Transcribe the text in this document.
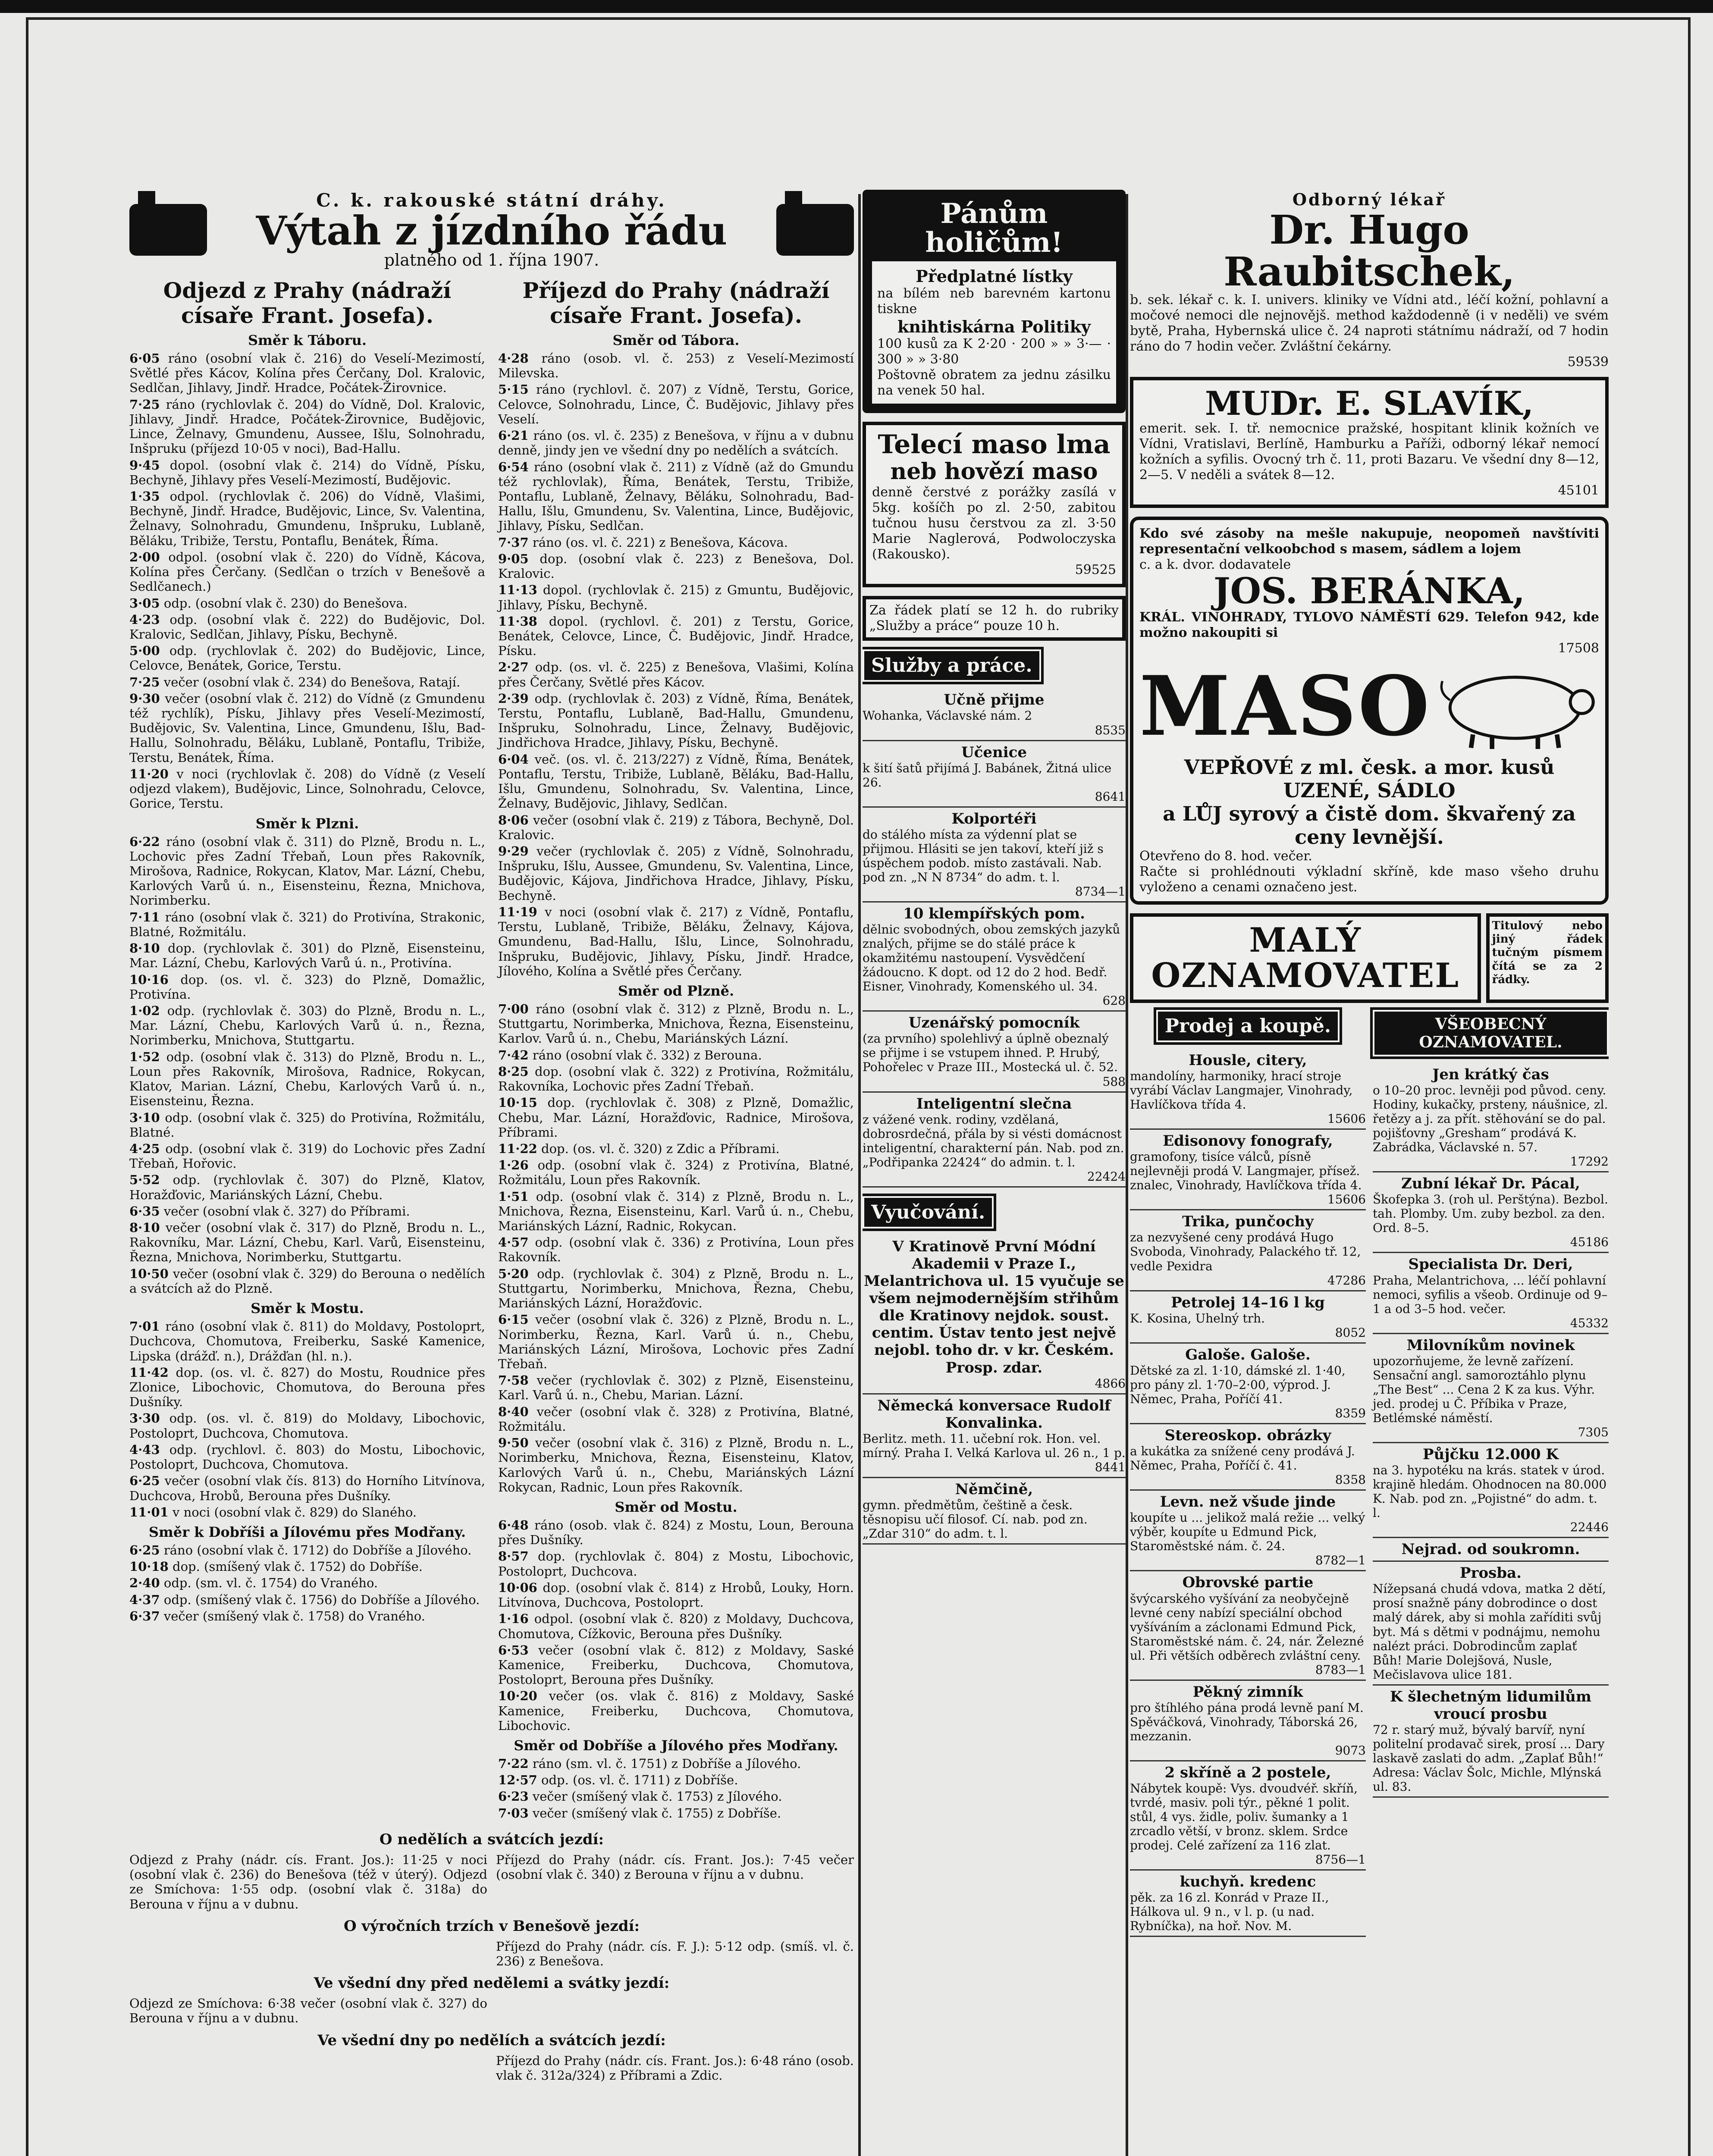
C. k. rakouské státní dráhy.
Výtah z jízdního řádu
platného od 1. října 1907.
Odjezd z Prahy (nádraží císaře Frant. Josefa).
Směr k Táboru.
6·05 ráno (osobní vlak č. 216) do Veselí-Mezimostí, Světlé přes Kácov, Kolína přes Čerčany, Dol. Kralovic, Sedlčan, Jihlavy, Jindř. Hradce, Počátek-Žirovnice.
7·25 ráno (rychlovlak č. 204) do Vídně, Dol. Kralovic, Jihlavy, Jindř. Hradce, Počátek-Žirovnice, Budějovic, Lince, Želnavy, Gmundenu, Aussee, Išlu, Solnohradu, Inšpruku (příjezd 10·05 v noci), Bad-Hallu.
9·45 dopol. (osobní vlak č. 214) do Vídně, Písku, Bechyně, Jihlavy přes Veselí-Mezimostí, Budějovic.
1·35 odpol. (rychlovlak č. 206) do Vídně, Vlašimi, Bechyně, Jindř. Hradce, Budějovic, Lince, Sv. Valentina, Želnavy, Solnohradu, Gmundenu, Inšpruku, Lublaně, Běláku, Tribiže, Terstu, Pontaflu, Benátek, Říma.
2·00 odpol. (osobní vlak č. 220) do Vídně, Kácova, Kolína přes Čerčany. (Sedlčan o trzích v Benešově a Sedlčanech.)
3·05 odp. (osobní vlak č. 230) do Benešova.
4·23 odp. (osobní vlak č. 222) do Budějovic, Dol. Kralovic, Sedlčan, Jihlavy, Písku, Bechyně.
5·00 odp. (rychlovlak č. 202) do Budějovic, Lince, Celovce, Benátek, Gorice, Terstu.
7·25 večer (osobní vlak č. 234) do Benešova, Ratají.
9·30 večer (osobní vlak č. 212) do Vídně (z Gmundenu též rychlík), Písku, Jihlavy přes Veselí-Mezimostí, Budějovic, Sv. Valentina, Lince, Gmundenu, Išlu, Bad-Hallu, Solnohradu, Běláku, Lublaně, Pontaflu, Tribiže, Terstu, Benátek, Říma.
11·20 v noci (rychlovlak č. 208) do Vídně (z Veselí odjezd vlakem), Budějovic, Lince, Solnohradu, Celovce, Gorice, Terstu.
Směr k Plzni.
6·22 ráno (osobní vlak č. 311) do Plzně, Brodu n. L., Lochovic přes Zadní Třebaň, Loun přes Rakovník, Mirošova, Radnice, Rokycan, Klatov, Mar. Lázní, Chebu, Karlových Varů ú. n., Eisensteinu, Řezna, Mnichova, Norimberku.
7·11 ráno (osobní vlak č. 321) do Protivína, Strakonic, Blatné, Rožmitálu.
8·10 dop. (rychlovlak č. 301) do Plzně, Eisensteinu, Mar. Lázní, Chebu, Karlových Varů ú. n., Protivína.
10·16 dop. (os. vl. č. 323) do Plzně, Domažlic, Protivína.
1·02 odp. (rychlovlak č. 303) do Plzně, Brodu n. L., Mar. Lázní, Chebu, Karlových Varů ú. n., Řezna, Norimberku, Mnichova, Stuttgartu.
1·52 odp. (osobní vlak č. 313) do Plzně, Brodu n. L., Loun přes Rakovník, Mirošova, Radnice, Rokycan, Klatov, Marian. Lázní, Chebu, Karlových Varů ú. n., Eisensteinu, Řezna.
3·10 odp. (osobní vlak č. 325) do Protivína, Rožmitálu, Blatné.
4·25 odp. (osobní vlak č. 319) do Lochovic přes Zadní Třebaň, Hořovic.
5·52 odp. (rychlovlak č. 307) do Plzně, Klatov, Horažďovic, Mariánských Lázní, Chebu.
6·35 večer (osobní vlak č. 327) do Příbrami.
8·10 večer (osobní vlak č. 317) do Plzně, Brodu n. L., Rakovníku, Mar. Lázní, Chebu, Karl. Varů, Eisensteinu, Řezna, Mnichova, Norimberku, Stuttgartu.
10·50 večer (osobní vlak č. 329) do Berouna o nedělích a svátcích až do Plzně.
Směr k Mostu.
7·01 ráno (osobní vlak č. 811) do Moldavy, Postoloprt, Duchcova, Chomutova, Freiberku, Saské Kamenice, Lipska (drážď. n.), Drážďan (hl. n.).
11·42 dop. (os. vl. č. 827) do Mostu, Roudnice přes Zlonice, Libochovic, Chomutova, do Berouna přes Dušníky.
3·30 odp. (os. vl. č. 819) do Moldavy, Libochovic, Postoloprt, Duchcova, Chomutova.
4·43 odp. (rychlovl. č. 803) do Mostu, Libochovic, Postoloprt, Duchcova, Chomutova.
6·25 večer (osobní vlak čís. 813) do Horního Litvínova, Duchcova, Hrobů, Berouna přes Dušníky.
11·01 v noci (osobní vlak č. 829) do Slaného.
Směr k Dobříši a Jílovému přes Modřany.
6·25 ráno (osobní vlak č. 1712) do Dobříše a Jílového.
10·18 dop. (smíšený vlak č. 1752) do Dobříše.
2·40 odp. (sm. vl. č. 1754) do Vraného.
4·37 odp. (smíšený vlak č. 1756) do Dobříše a Jílového.
6·37 večer (smíšený vlak č. 1758) do Vraného.
Příjezd do Prahy (nádraží císaře Frant. Josefa).
Směr od Tábora.
4·28 ráno (osob. vl. č. 253) z Veselí-Mezimostí Milevska.
5·15 ráno (rychlovl. č. 207) z Vídně, Terstu, Gorice, Celovce, Solnohradu, Lince, Č. Budějovic, Jihlavy přes Veselí.
6·21 ráno (os. vl. č. 235) z Benešova, v říjnu a v dubnu denně, jindy jen ve všední dny po nedělích a svátcích.
6·54 ráno (osobní vlak č. 211) z Vídně (až do Gmundu též rychlovlak), Říma, Benátek, Terstu, Tribiže, Pontaflu, Lublaně, Želnavy, Běláku, Solnohradu, Bad-Hallu, Išlu, Gmundenu, Sv. Valentina, Lince, Budějovic, Jihlavy, Písku, Sedlčan.
7·37 ráno (os. vl. č. 221) z Benešova, Kácova.
9·05 dop. (osobní vlak č. 223) z Benešova, Dol. Kralovic.
11·13 dopol. (rychlovlak č. 215) z Gmuntu, Budějovic, Jihlavy, Písku, Bechyně.
11·38 dopol. (rychlovl. č. 201) z Terstu, Gorice, Benátek, Celovce, Lince, Č. Budějovic, Jindř. Hradce, Písku.
2·27 odp. (os. vl. č. 225) z Benešova, Vlašimi, Kolína přes Čerčany, Světlé přes Kácov.
2·39 odp. (rychlovlak č. 203) z Vídně, Říma, Benátek, Terstu, Pontaflu, Lublaně, Bad-Hallu, Gmundenu, Inšpruku, Solnohradu, Lince, Želnavy, Budějovic, Jindřichova Hradce, Jihlavy, Písku, Bechyně.
6·04 več. (os. vl. č. 213/227) z Vídně, Říma, Benátek, Pontaflu, Terstu, Tribiže, Lublaně, Běláku, Bad-Hallu, Išlu, Gmundenu, Solnohradu, Sv. Valentina, Lince, Želnavy, Budějovic, Jihlavy, Sedlčan.
8·06 večer (osobní vlak č. 219) z Tábora, Bechyně, Dol. Kralovic.
9·29 večer (rychlovlak č. 205) z Vídně, Solnohradu, Inšpruku, Išlu, Aussee, Gmundenu, Sv. Valentina, Lince, Budějovic, Kájova, Jindřichova Hradce, Jihlavy, Písku, Bechyně.
11·19 v noci (osobní vlak č. 217) z Vídně, Pontaflu, Terstu, Lublaně, Tribiže, Běláku, Želnavy, Kájova, Gmundenu, Bad-Hallu, Išlu, Lince, Solnohradu, Inšpruku, Budějovic, Jihlavy, Písku, Jindř. Hradce, Jílového, Kolína a Světlé přes Čerčany.
Směr od Plzně.
7·00 ráno (osobní vlak č. 312) z Plzně, Brodu n. L., Stuttgartu, Norimberka, Mnichova, Řezna, Eisensteinu, Karlov. Varů ú. n., Chebu, Mariánských Lázní.
7·42 ráno (osobní vlak č. 332) z Berouna.
8·25 dop. (osobní vlak č. 322) z Protivína, Rožmitálu, Rakovníka, Lochovic přes Zadní Třebaň.
10·15 dop. (rychlovlak č. 308) z Plzně, Domažlic, Chebu, Mar. Lázní, Horažďovic, Radnice, Mirošova, Příbrami.
11·22 dop. (os. vl. č. 320) z Zdic a Příbrami.
1·26 odp. (osobní vlak č. 324) z Protivína, Blatné, Rožmitálu, Loun přes Rakovník.
1·51 odp. (osobní vlak č. 314) z Plzně, Brodu n. L., Mnichova, Řezna, Eisensteinu, Karl. Varů ú. n., Chebu, Mariánských Lázní, Radnic, Rokycan.
4·57 odp. (osobní vlak č. 336) z Protivína, Loun přes Rakovník.
5·20 odp. (rychlovlak č. 304) z Plzně, Brodu n. L., Stuttgartu, Norimberku, Mnichova, Řezna, Chebu, Mariánských Lázní, Horažďovic.
6·15 večer (osobní vlak č. 326) z Plzně, Brodu n. L., Norimberku, Řezna, Karl. Varů ú. n., Chebu, Mariánských Lázní, Mirošova, Lochovic přes Zadní Třebaň.
7·58 večer (rychlovlak č. 302) z Plzně, Eisensteinu, Karl. Varů ú. n., Chebu, Marian. Lázní.
8·40 večer (osobní vlak č. 328) z Protivína, Blatné, Rožmitálu.
9·50 večer (osobní vlak č. 316) z Plzně, Brodu n. L., Norimberku, Mnichova, Řezna, Eisensteinu, Klatov, Karlových Varů ú. n., Chebu, Mariánských Lázní Rokycan, Radnic, Loun přes Rakovník.
Směr od Mostu.
6·48 ráno (osob. vlak č. 824) z Mostu, Loun, Berouna přes Dušníky.
8·57 dop. (rychlovlak č. 804) z Mostu, Libochovic, Postoloprt, Duchcova.
10·06 dop. (osobní vlak č. 814) z Hrobů, Louky, Horn. Litvínova, Duchcova, Postoloprt.
1·16 odpol. (osobní vlak č. 820) z Moldavy, Duchcova, Chomutova, Cížkovic, Berouna přes Dušníky.
6·53 večer (osobní vlak č. 812) z Moldavy, Saské Kamenice, Freiberku, Duchcova, Chomutova, Postoloprt, Berouna přes Dušníky.
10·20 večer (os. vlak č. 816) z Moldavy, Saské Kamenice, Freiberku, Duchcova, Chomutova, Libochovic.
Směr od Dobříše a Jílového přes Modřany.
7·22 ráno (sm. vl. č. 1751) z Dobříše a Jílového.
12·57 odp. (os. vl. č. 1711) z Dobříše.
6·23 večer (smíšený vlak č. 1753) z Jílového.
7·03 večer (smíšený vlak č. 1755) z Dobříše.
O nedělích a svátcích jezdí:
Odjezd z Prahy (nádr. cís. Frant. Jos.): 11·25 v noci (osobní vlak č. 236) do Benešova (též v úterý). Odjezd ze Smíchova: 1·55 odp. (osobní vlak č. 318a) do Berouna v říjnu a v dubnu.
Příjezd do Prahy (nádr. cís. Frant. Jos.): 7·45 večer (osobní vlak č. 340) z Berouna v říjnu a v dubnu.
O výročních trzích v Benešově jezdí:
Příjezd do Prahy (nádr. cís. F. J.): 5·12 odp. (smíš. vl. č. 236) z Benešova.
Ve všední dny před nedělemi a svátky jezdí:
Odjezd ze Smíchova: 6·38 večer (osobní vlak č. 327) do Berouna v říjnu a v dubnu.
Ve všední dny po nedělích a svátcích jezdí:
Příjezd do Prahy (nádr. cís. Frant. Jos.): 6·48 ráno (osob. vlak č. 312a/324) z Příbrami a Zdic.
Pánům holičům!
Předplatné lístky
na bílém neb barevném kartonu tiskne
knihtiskárna Politiky
100 kusů za K 2·20 · 200 » » 3·— · 300 » » 3·80
Poštovně obratem za jednu zásilku na venek 50 hal.
Telecí maso lma
neb hovězí maso
denně čerstvé z porážky zasílá v 5kg. košíčh po zl. 2·50, zabitou tučnou husu čerstvou za zl. 3·50 Marie Naglerová, Podwoloczyska (Rakousko).
59525
Za řádek platí se 12 h. do rubriky „Služby a práce“ pouze 10 h.
Služby a práce.
Učně přijme
Wohanka, Václavské nám. 2
8535
Učenice
k šití šatů přijímá J. Babánek, Žitná ulice 26.
8641
Kolportéři
do stálého místa za výdenní plat se přijmou. Hlásiti se jen takoví, kteří již s úspěchem podob. místo zastávali. Nab. pod zn. „N N 8734“ do adm. t. l.
8734—1
10 klempířských pom.
dělnic svobodných, obou zemských jazyků znalých, přijme se do stálé práce k okamžitému nastoupení. Vysvědčení žádoucno. K dopt. od 12 do 2 hod. Bedř. Eisner, Vinohrady, Komenského ul. 34.
628
Uzenářský pomocník
(za prvního) spolehlivý a úplně obeznalý se přijme i se vstupem ihned. P. Hrubý, Pohořelec v Praze III., Mostecká ul. č. 52.
588
Inteligentní slečna
z vážené venk. rodiny, vzdělaná, dobrosrdečná, přála by si vésti domácnost inteligentní, charakterní pán. Nab. pod zn. „Podřipanka 22424“ do admin. t. l.
22424
Vyučování.
V Kratinově První Módní Akademii v Praze I., Melantrichova ul. 15 vyučuje se všem nejmodernějším střihům dle Kratinovy nejdok. soust. centim. Ústav tento jest nejvě nejobl. toho dr. v kr. Českém. Prosp. zdar.
4866
Německá konversace Rudolf Konvalinka.
Berlitz. meth. 11. učební rok. Hon. vel. mírný. Praha I. Velká Karlova ul. 26 n., 1 p.
8441
Němčině,
gymn. předmětům, češtině a česk. těsnopisu učí filosof. Cí. nab. pod zn. „Zdar 310“ do adm. t. l.
Odborný lékař
Dr. Hugo Raubitschek,
b. sek. lékař c. k. I. univers. kliniky ve Vídni atd., léčí kožní, pohlavní a močové nemoci dle nejnovějš. method každodenně (i v neděli) ve svém bytě, Praha, Hybernská ulice č. 24 naproti státnímu nádraží, od 7 hodin ráno do 7 hodin večer. Zvláštní čekárny.
59539
MUDr. E. SLAVÍK,
emerit. sek. I. tř. nemocnice pražské, hospitant klinik kožních ve Vídni, Vratislavi, Berlíně, Hamburku a Paříži, odborný lékař nemocí kožních a syfilis. Ovocný trh č. 11, proti Bazaru. Ve všední dny 8—12, 2—5. V neděli a svátek 8—12.
45101
Kdo své zásoby na mešle nakupuje, neopomeň navštíviti representační velkoobchod s masem, sádlem a lojem
c. a k. dvor. dodavatele
JOS. BERÁNKA,
KRÁL. VINOHRADY, TYLOVO NÁMĚSTÍ 629. Telefon 942, kde možno nakoupiti si
17508
MASO
VEPŘOVÉ z ml. česk. a mor. kusů UZENÉ, SÁDLO
a LŮJ syrový a čistě dom. škvařený za ceny levnější.
Otevřeno do 8. hod. večer.
Račte si prohlédnouti výkladní skříně, kde maso všeho druhu vyloženo a cenami označeno jest.
MALÝ OZNAMOVATEL
Titulový nebo jiný řádek tučným písmem čítá se za 2 řádky.
Prodej a koupě.
Housle, citery,
mandolíny, harmoniky, hrací stroje vyrábí Václav Langmajer, Vinohrady, Havlíčkova třída 4.
15606
Edisonovy fonografy,
gramofony, tisíce válců, písně nejlevněji prodá V. Langmajer, přísež. znalec, Vinohrady, Havlíčkova třída 4.
15606
Trika, punčochy
za nezvyšené ceny prodává Hugo Svoboda, Vinohrady, Palackého tř. 12, vedle Pexidra
47286
Petrolej 14–16 l kg
K. Kosina, Uhelný trh.
8052
Galoše. Galoše.
Dětské za zl. 1·10, dámské zl. 1·40, pro pány zl. 1·70–2·00, výprod. J. Němec, Praha, Poříčí 41.
8359
Stereoskop. obrázky
a kukátka za snížené ceny prodává J. Němec, Praha, Poříčí č. 41.
8358
Levn. než všude jinde
koupíte u ... jelikož malá režie ... velký výběr, koupíte u Edmund Pick, Staroměstské nám. č. 24.
8782—1
Obrovské partie
švýcarského vyšívání za neobyčejně levné ceny nabízí speciální obchod vyšíváním a záclonami Edmund Pick, Staroměstské nám. č. 24, nár. Železné ul. Při větších odběrech zvláštní ceny.
8783—1
Pěkný zimník
pro štíhlého pána prodá levně paní M. Spěváčková, Vinohrady, Táborská 26, mezzanin.
9073
2 skříně a 2 postele,
Nábytek koupě: Vys. dvoudvéř. skříň, tvrdé, masiv. poli týr., pěkné 1 polit. stůl, 4 vys. židle, poliv. šumanky a 1 zrcadlo větší, v bronz. sklem. Srdce prodej. Celé zařízení za 116 zlat.
8756—1
kuchyň. kredenc
pěk. za 16 zl. Konrád v Praze II., Hálkova ul. 9 n., v l. p. (u nad. Rybníčka), na hoř. Nov. M.
VŠEOBECNÝ OZNAMOVATEL.
Jen krátký čas
o 10–20 proc. levněji pod původ. ceny. Hodiny, kukačky, prsteny, náušnice, zl. řetězy a j. za přít. stěhování se do pal. pojišťovny „Gresham“ prodává K. Zabrádka, Václavské n. 57.
17292
Zubní lékař Dr. Pácal,
Škofepka 3. (roh ul. Perštýna). Bezbol. tah. Plomby. Um. zuby bezbol. za den. Ord. 8–5.
45186
Specialista Dr. Deri,
Praha, Melantrichova, ... léčí pohlavní nemoci, syfilis a všeob. Ordinuje od 9–1 a od 3–5 hod. večer.
45332
Milovníkům novinek
upozorňujeme, že levně zařízení. Sensační angl. samoroztáhlo plynu „The Best“ ... Cena 2 K za kus. Výhr. jed. prodej u Č. Příbika v Praze, Betlémské náměstí.
7305
Půjčku 12.000 K
na 3. hypotéku na krás. statek v úrod. krajině hledám. Ohodnocen na 80.000 K. Nab. pod zn. „Pojistné“ do adm. t. l.
22446
Nejrad. od soukromn.
Prosba.
Nížepsaná chudá vdova, matka 2 dětí, prosí snažně pány dobrodince o dost malý dárek, aby si mohla zaříditi svůj byt. Má s dětmi v podnájmu, nemohu nalézt práci. Dobrodincům zaplať Bůh! Marie Dolejšová, Nusle, Mečislavova ulice 181.
K šlechetným lidumilům vroucí prosbu
72 r. starý muž, bývalý barvíř, nyní politelní prodavač sirek, prosí ... Dary laskavě zaslati do adm. „Zaplať Bůh!“ Adresa: Václav Šolc, Michle, Mlýnská ul. 83.
